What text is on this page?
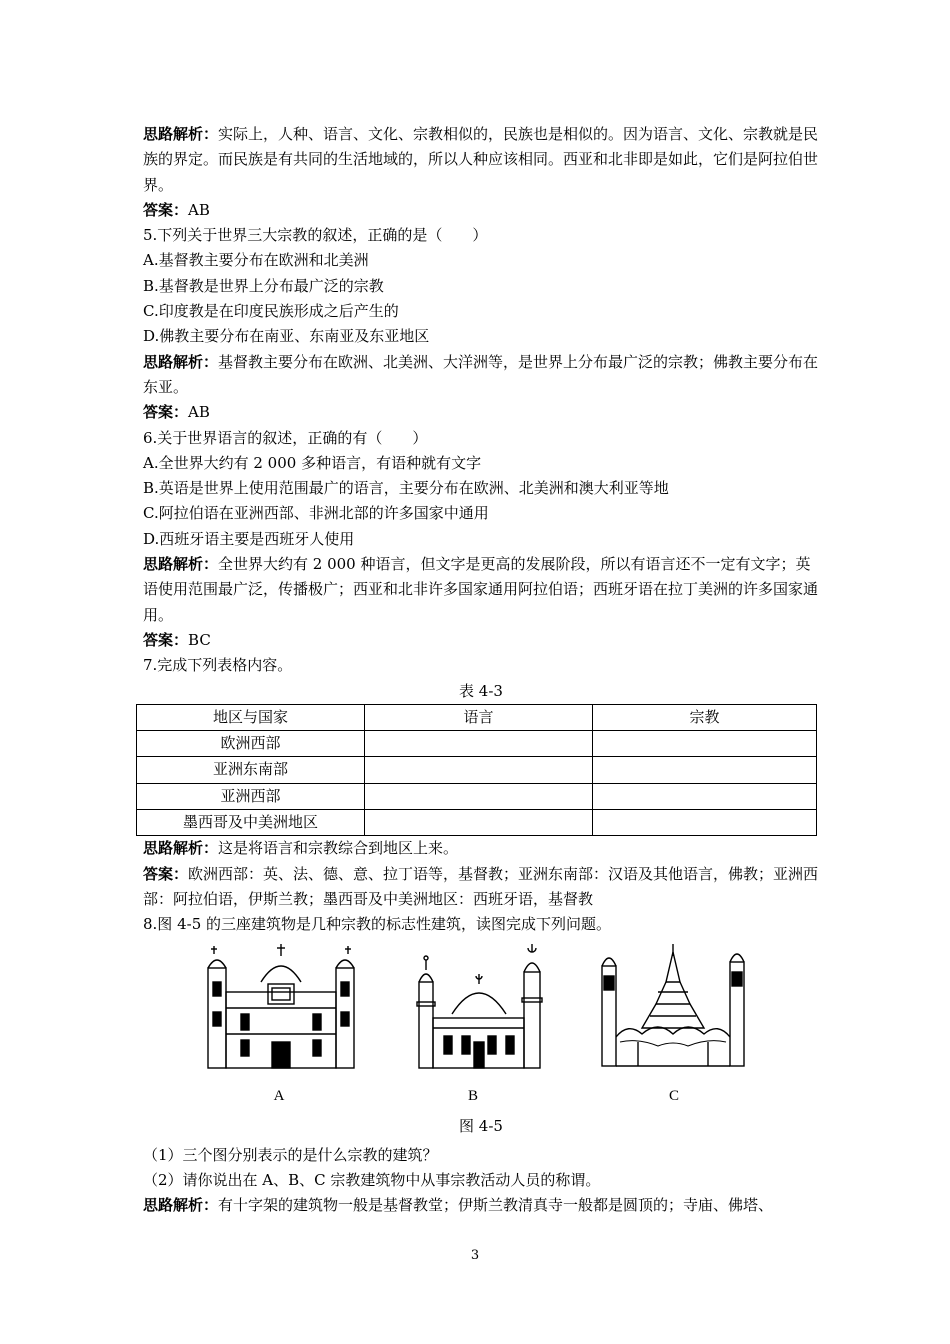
思路解析：实际上，人种、语言、文化、宗教相似的，民族也是相似的。因为语言、文化、宗教就是民族的界定。而民族是有共同的生活地域的，所以人种应该相同。西亚和北非即是如此，它们是阿拉伯世界。

答案：AB

5.下列关于世界三大宗教的叙述，正确的是（　　）

A.基督教主要分布在欧洲和北美洲

B.基督教是世界上分布最广泛的宗教

C.印度教是在印度民族形成之后产生的

D.佛教主要分布在南亚、东南亚及东亚地区

思路解析：基督教主要分布在欧洲、北美洲、大洋洲等，是世界上分布最广泛的宗教；佛教主要分布在东亚。

答案：AB

6.关于世界语言的叙述，正确的有（　　）

A.全世界大约有 2 000 多种语言，有语种就有文字

B.英语是世界上使用范围最广的语言，主要分布在欧洲、北美洲和澳大利亚等地

C.阿拉伯语在亚洲西部、非洲北部的许多国家中通用

D.西班牙语主要是西班牙人使用

思路解析：全世界大约有 2 000 种语言，但文字是更高的发展阶段，所以有语言还不一定有文字；英语使用范围最广泛，传播极广；西亚和北非许多国家通用阿拉伯语；西班牙语在拉丁美洲的许多国家通用。

答案：BC

7.完成下列表格内容。

表 4-3

地区与国家	语言	宗教
欧洲西部		
亚洲东南部		
亚洲西部		
墨西哥及中美洲地区		

思路解析：这是将语言和宗教综合到地区上来。

答案：欧洲西部：英、法、德、意、拉丁语等，基督教；亚洲东南部：汉语及其他语言，佛教；亚洲西部：阿拉伯语，伊斯兰教；墨西哥及中美洲地区：西班牙语，基督教

8.图 4-5 的三座建筑物是几种宗教的标志性建筑，读图完成下列问题。

A	B	C

图 4-5

（1）三个图分别表示的是什么宗教的建筑？

（2）请你说出在 A、B、C 宗教建筑物中从事宗教活动人员的称谓。

思路解析：有十字架的建筑物一般是基督教堂；伊斯兰教清真寺一般都是圆顶的；寺庙、佛塔、

3
